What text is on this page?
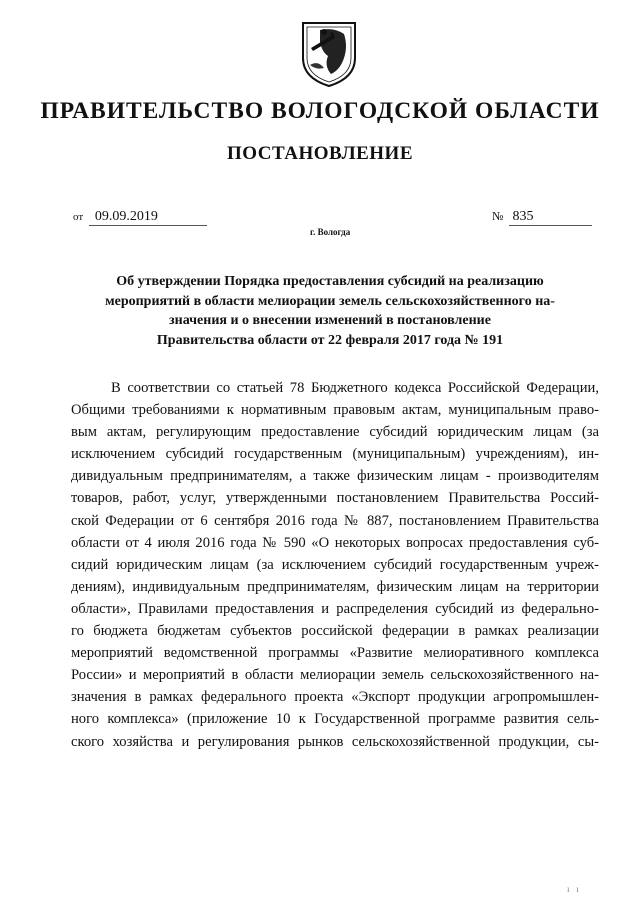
ПРАВИТЕЛЬСТВО ВОЛОГОДСКОЙ ОБЛАСТИ
ПОСТАНОВЛЕНИЕ
от 09.09.2019	№ 835
г. Вологда
Об утверждении Порядка предоставления субсидий на реализацию
мероприятий в области мелиорации земель сельскохозяйственного на-
значения и о внесении изменений в постановление
Правительства области от 22 февраля 2017 года № 191
В соответствии со статьей 78 Бюджетного кодекса Российской Федерации,
Общими требованиями к нормативным правовым актам, муниципальным право-
вым актам, регулирующим предоставление субсидий юридическим лицам (за
исключением субсидий государственным (муниципальным) учреждениям), ин-
дивидуальным предпринимателям, а также физическим лицам - производителям
товаров, работ, услуг, утвержденными постановлением Правительства Россий-
ской Федерации от 6 сентября 2016 года № 887, постановлением Правительства
области от 4 июля 2016 года № 590 «О некоторых вопросах предоставления суб-
сидий юридическим лицам (за исключением субсидий государственным учреж-
дениям), индивидуальным предпринимателям, физическим лицам на территории
области», Правилами предоставления и распределения субсидий из федерально-
го бюджета бюджетам субъектов российской федерации в рамках реализации
мероприятий ведомственной программы «Развитие мелиоративного комплекса
России» и мероприятий в области мелиорации земель сельскохозяйственного на-
значения в рамках федерального проекта «Экспорт продукции агропромышлен-
ного комплекса» (приложение 10 к Государственной программе развития сель-
ского хозяйства и регулирования рынков сельскохозяйственной продукции, сы-
ı   ı
